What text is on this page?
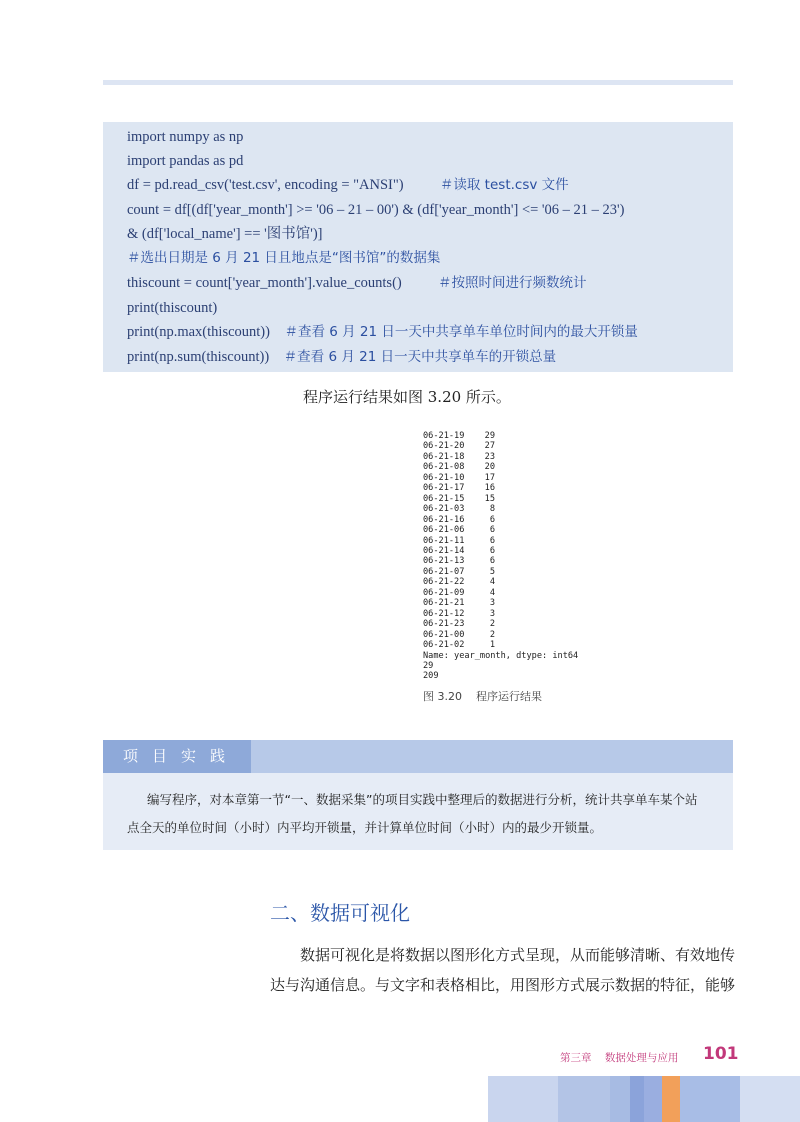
import numpy as np
import pandas as pd
df = pd.read_csv('test.csv', encoding = "ANSI")          ＃读取 test.csv 文件
count = df[(df['year_month'] >= '06 – 21 – 00') & (df['year_month'] <= '06 – 21 – 23')
& (df['local_name'] == '图书馆')]
＃选出日期是 6 月 21 日且地点是“图书馆”的数据集
thiscount = count['year_month'].value_counts()          ＃按照时间进行频数统计
print(thiscount)
print(np.max(thiscount))    ＃查看 6 月 21 日一天中共享单车单位时间内的最大开锁量
print(np.sum(thiscount))    ＃查看 6 月 21 日一天中共享单车的开锁总量
程序运行结果如图 3.20 所示。
06-21-19	29
06-21-20	27
06-21-18	23
06-21-08	20
06-21-10	17
06-21-17	16
06-21-15	15
06-21-03	8
06-21-16	6
06-21-06	6
06-21-11	6
06-21-14	6
06-21-13	6
06-21-07	5
06-21-22	4
06-21-09	4
06-21-21	3
06-21-12	3
06-21-23	2
06-21-00	2
06-21-02	1
Name: year_month, dtype: int64
29
209
图 3.20    程序运行结果
项目实践

编写程序，对本章第一节“一、数据采集”的项目实践中整理后的数据进行分析，统计共享单车某个站

点全天的单位时间（小时）内平均开锁量，并计算单位时间（小时）内的最少开锁量。

二、数据可视化

　　数据可视化是将数据以图形化方式呈现，从而能够清晰、有效地传

达与沟通信息。与文字和表格相比，用图形方式展示数据的特征，能够

第三章    数据处理与应用 101
